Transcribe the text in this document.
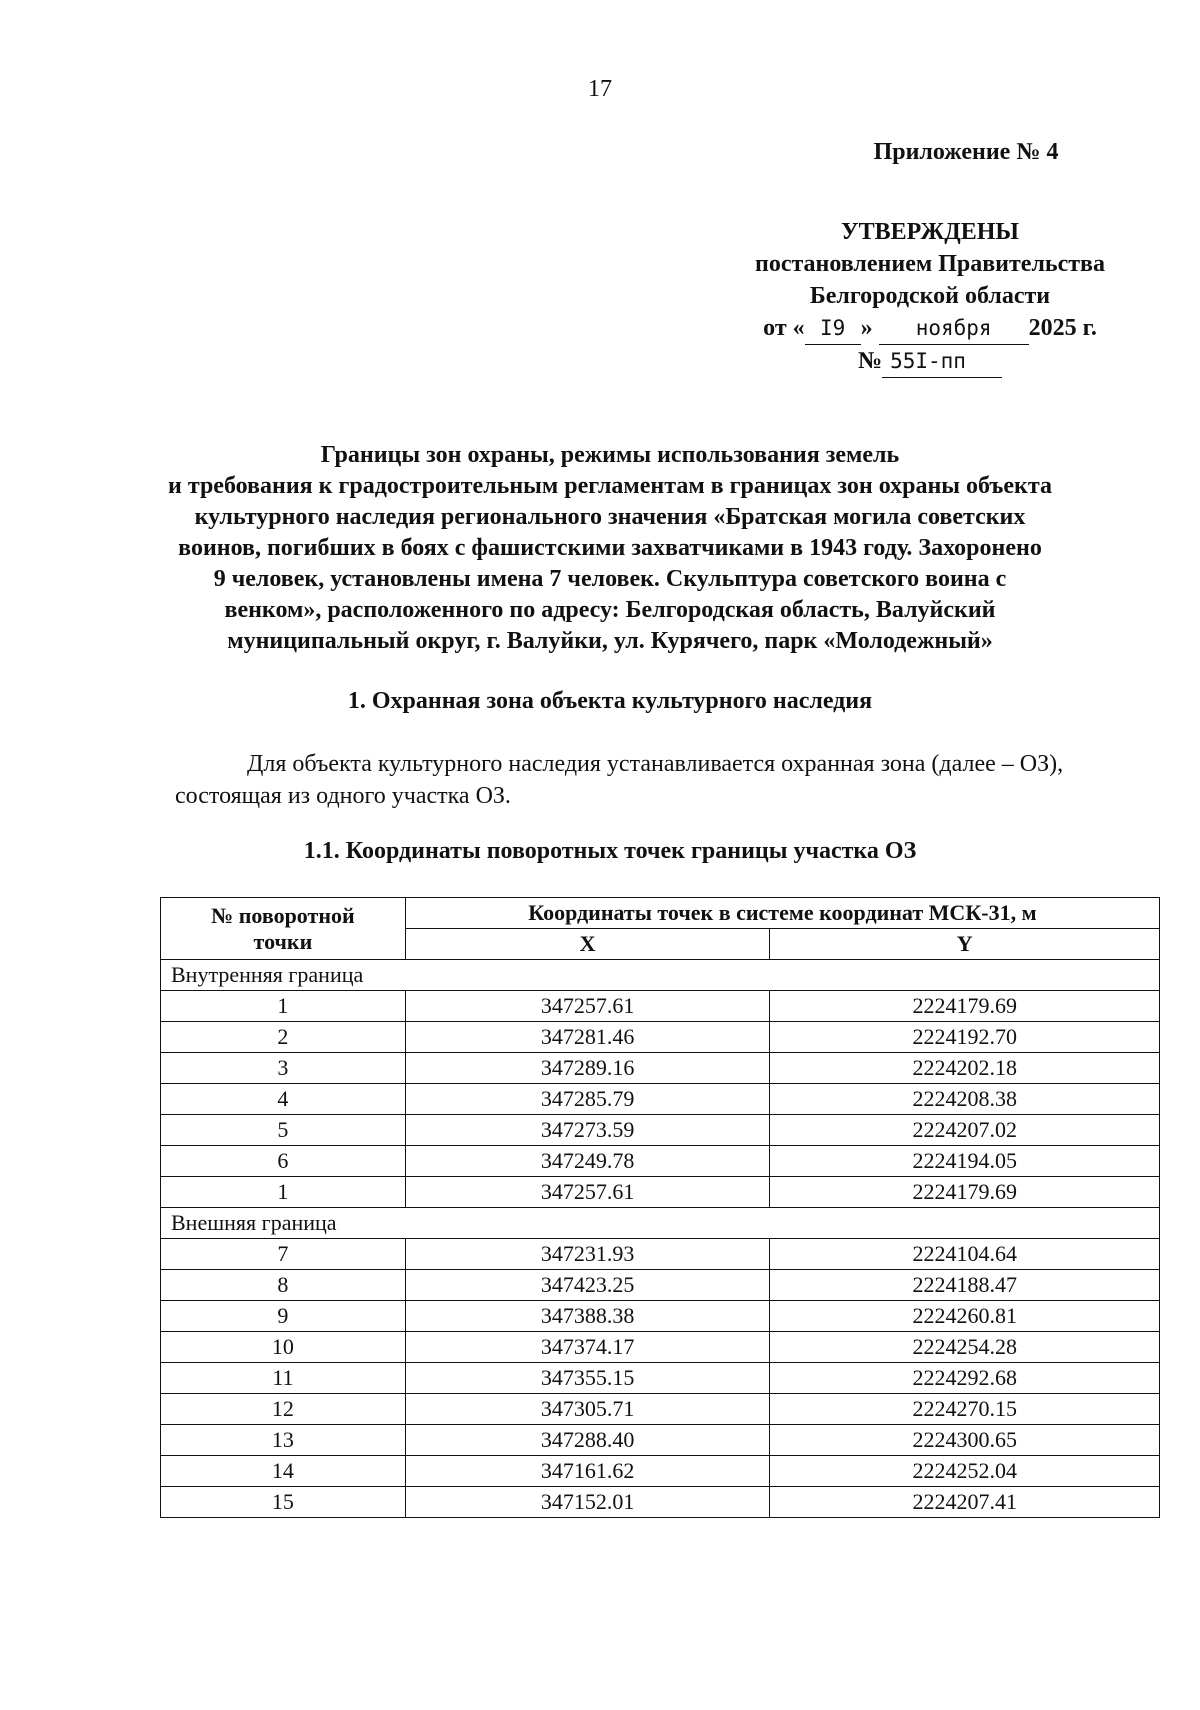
17
Приложение № 4
УТВЕРЖДЕНЫ
постановлением Правительства
Белгородской области
от « I9 » ноября 2025 г.
№ 55I-пп
Границы зон охраны, режимы использования земель
и требования к градостроительным регламентам в границах зон охраны объекта
культурного наследия регионального значения «Братская могила советских
воинов, погибших в боях с фашистскими захватчиками в 1943 году. Захоронено
9 человек, установлены имена 7 человек. Скульптура советского воина с
венком», расположенного по адресу: Белгородская область, Валуйский
муниципальный округ, г. Валуйки, ул. Курячего, парк «Молодежный»
1. Охранная зона объекта культурного наследия
Для объекта культурного наследия устанавливается охранная зона (далее – ОЗ),
состоящая из одного участка ОЗ.
1.1. Координаты поворотных точек границы участка ОЗ
№ поворотной
точки	Координаты точек в системе координат МСК-31, м	
	X	Y
Внутренняя граница		
1	347257.61	2224179.69
2	347281.46	2224192.70
3	347289.16	2224202.18
4	347285.79	2224208.38
5	347273.59	2224207.02
6	347249.78	2224194.05
1	347257.61	2224179.69
Внешняя граница		
7	347231.93	2224104.64
8	347423.25	2224188.47
9	347388.38	2224260.81
10	347374.17	2224254.28
11	347355.15	2224292.68
12	347305.71	2224270.15
13	347288.40	2224300.65
14	347161.62	2224252.04
15	347152.01	2224207.41
